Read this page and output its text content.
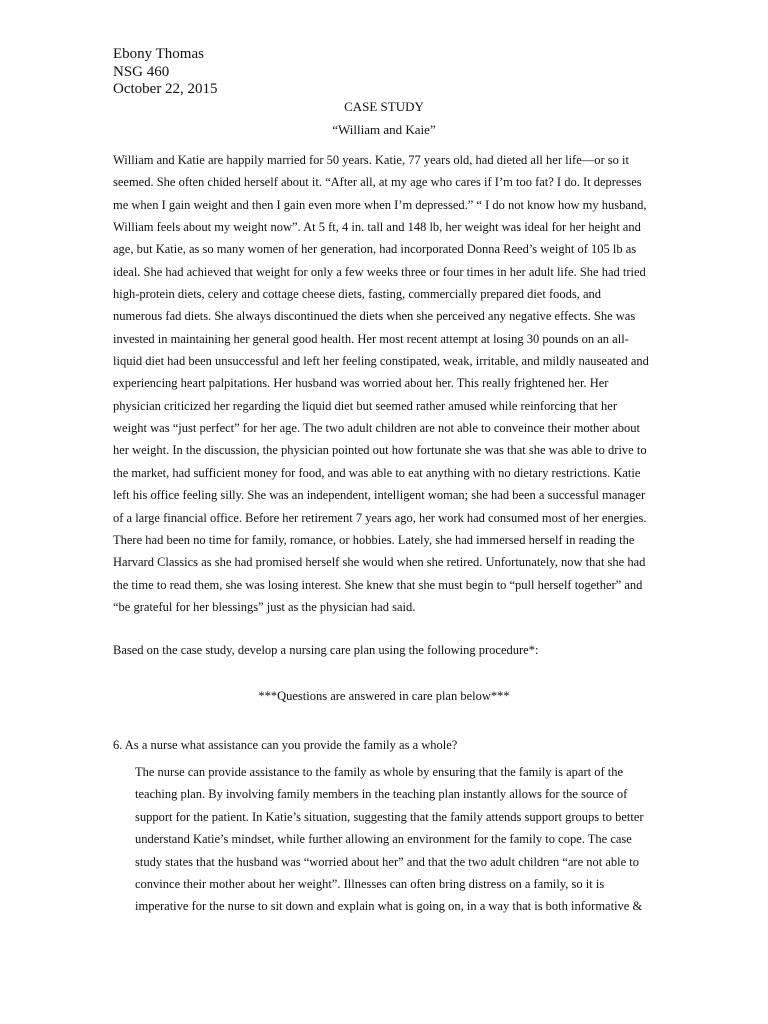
Ebony Thomas
NSG 460
October 22, 2015
CASE STUDY
“William and Kaie”
William and Katie are happily married for 50 years. Katie, 77 years old, had dieted all her life—or so it
seemed. She often chided herself about it. “After all, at my age who cares if I’m too fat? I do. It depresses
me when I gain weight and then I gain even more when I’m depressed.” “ I do not know how my husband,
William feels about my weight now”. At 5 ft, 4 in. tall and 148 lb, her weight was ideal for her height and
age, but Katie, as so many women of her generation, had incorporated Donna Reed’s weight of 105 lb as
ideal. She had achieved that weight for only a few weeks three or four times in her adult life. She had tried
high-protein diets, celery and cottage cheese diets, fasting, commercially prepared diet foods, and
numerous fad diets. She always discontinued the diets when she perceived any negative effects. She was
invested in maintaining her general good health. Her most recent attempt at losing 30 pounds on an all-
liquid diet had been unsuccessful and left her feeling constipated, weak, irritable, and mildly nauseated and
experiencing heart palpitations. Her husband was worried about her. This really frightened her. Her
physician criticized her regarding the liquid diet but seemed rather amused while reinforcing that her
weight was “just perfect” for her age. The two adult children are not able to conveince their mother about
her weight. In the discussion, the physician pointed out how fortunate she was that she was able to drive to
the market, had sufficient money for food, and was able to eat anything with no dietary restrictions. Katie
left his office feeling silly. She was an independent, intelligent woman; she had been a successful manager
of a large financial office. Before her retirement 7 years ago, her work had consumed most of her energies.
There had been no time for family, romance, or hobbies. Lately, she had immersed herself in reading the
Harvard Classics as she had promised herself she would when she retired. Unfortunately, now that she had
the time to read them, she was losing interest. She knew that she must begin to “pull herself together” and
“be grateful for her blessings” just as the physician had said.
Based on the case study, develop a nursing care plan using the following procedure*:
***Questions are answered in care plan below***
6. As a nurse what assistance can you provide the family as a whole?
The nurse can provide assistance to the family as whole by ensuring that the family is apart of the
teaching plan. By involving family members in the teaching plan instantly allows for the source of
support for the patient. In Katie’s situation, suggesting that the family attends support groups to better
understand Katie’s mindset, while further allowing an environment for the family to cope. The case
study states that the husband was “worried about her” and that the two adult children “are not able to
convince their mother about her weight”. Illnesses can often bring distress on a family, so it is
imperative for the nurse to sit down and explain what is going on, in a way that is both informative &
